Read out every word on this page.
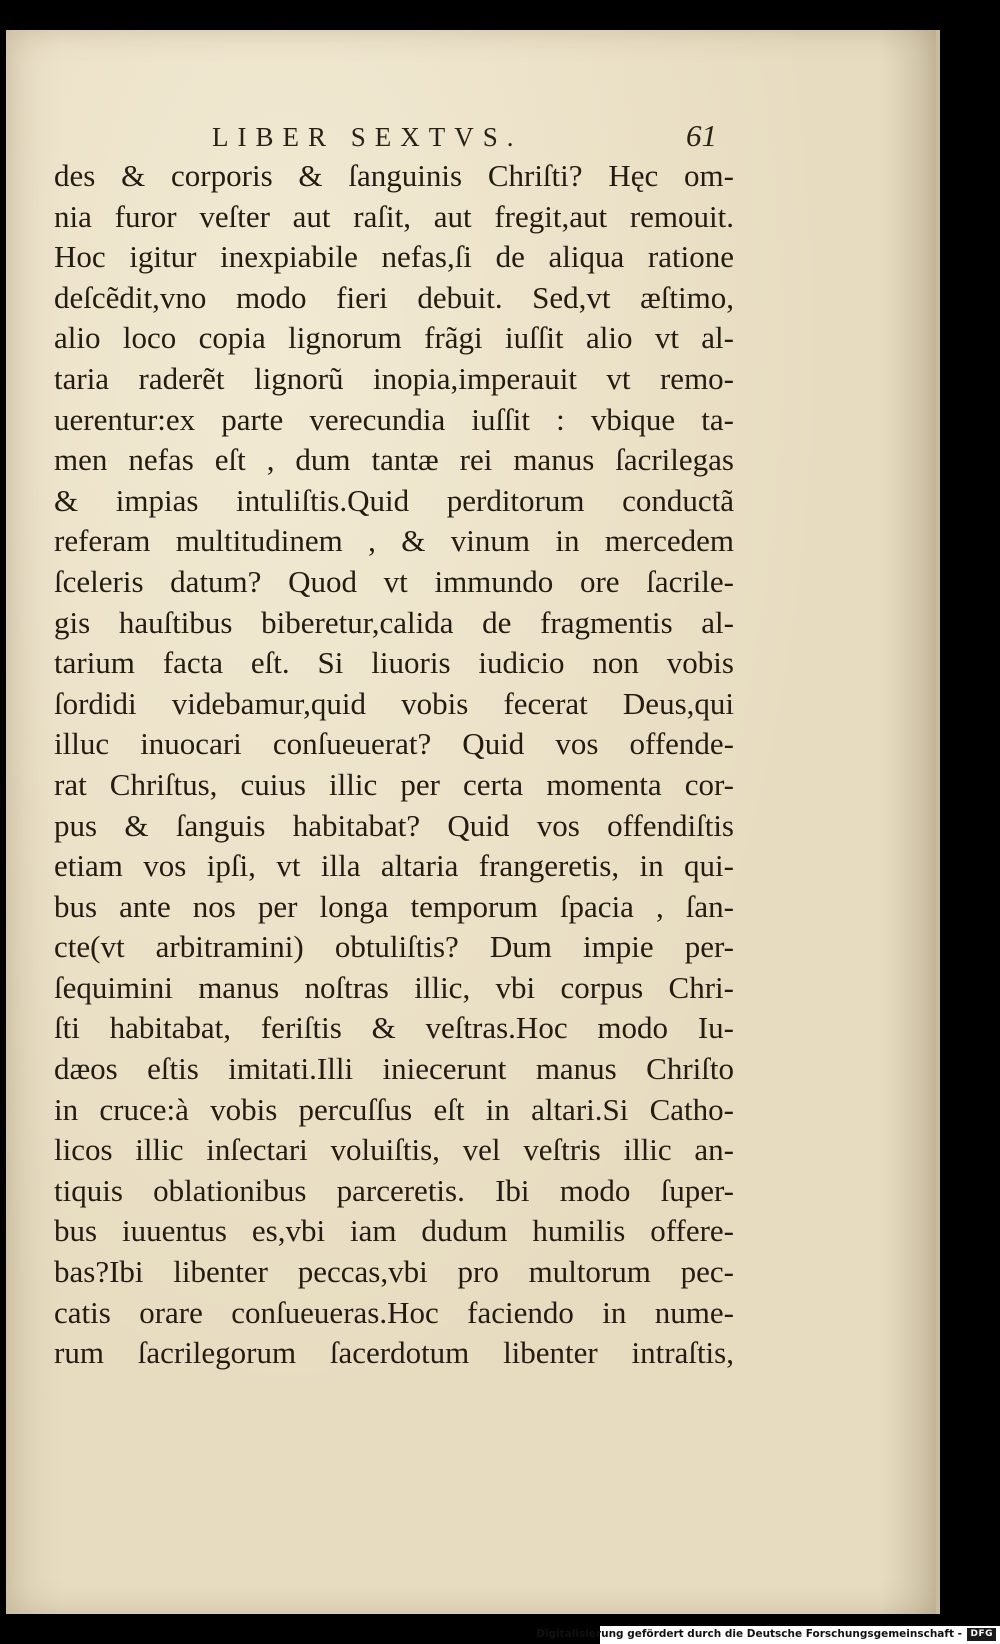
LIBER SEXTVS.	61
des & corporis & ſanguinis Chriſti? Hęc om-
nia furor veſter aut raſit, aut fregit,aut remouit.
Hoc igitur inexpiabile nefas,ſi de aliqua ratione
deſcẽdit,vno modo fieri debuit. Sed,vt æſtimo,
alio loco copia lignorum frãgi iuſſit alio vt al-
taria raderẽt lignorũ inopia,imperauit vt remo-
uerentur:ex parte verecundia iuſſit : vbique ta-
men nefas eſt , dum tantæ rei manus ſacrilegas
& impias intuliſtis.Quid perditorum conductã
referam multitudinem , & vinum in mercedem
ſceleris datum? Quod vt immundo ore ſacrile-
gis hauſtibus biberetur,calida de fragmentis al-
tarium facta eſt. Si liuoris iudicio non vobis
ſordidi videbamur,quid vobis fecerat Deus,qui
illuc inuocari conſueuerat? Quid vos offende-
rat Chriſtus, cuius illic per certa momenta cor-
pus & ſanguis habitabat? Quid vos offendiſtis
etiam vos ipſi, vt illa altaria frangeretis, in qui-
bus ante nos per longa temporum ſpacia , ſan-
cte(vt arbitramini) obtuliſtis? Dum impie per-
ſequimini manus noſtras illic, vbi corpus Chri-
ſti habitabat, feriſtis & veſtras.Hoc modo Iu-
dæos eſtis imitati.Illi iniecerunt manus Chriſto
in cruce:à vobis percuſſus eſt in altari.Si Catho-
licos illic inſectari voluiſtis, vel veſtris illic an-
tiquis oblationibus parceretis. Ibi modo ſuper-
bus iuuentus es,vbi iam dudum humilis offere-
bas?Ibi libenter peccas,vbi pro multorum pec-
catis orare conſueueras.Hoc faciendo in nume-
rum ſacrilegorum ſacerdotum libenter intraſtis,
Digitalisierung gefördert durch die Deutsche Forschungsgemeinschaft - DFG
